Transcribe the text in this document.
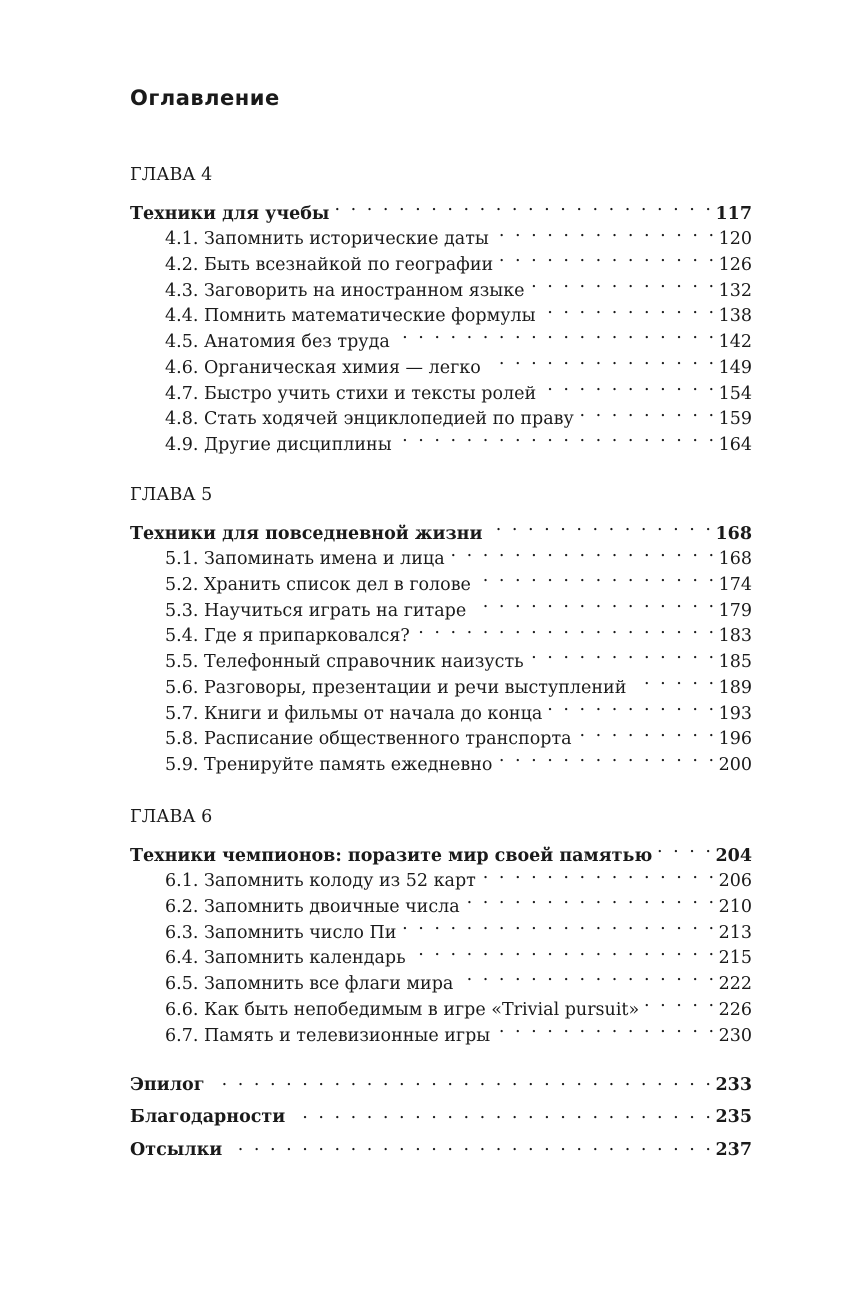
Оглавление
ГЛАВА 4
Техники для учебы . . .	117
4.1. Запомнить исторические даты . . .	120
4.2. Быть всезнайкой по географии . . .	126
4.3. Заговорить на иностранном языке . . .	132
4.4. Помнить математические формулы . . .	138
4.5. Анатомия без труда . . .	142
4.6. Органическая химия — легко . . .	149
4.7. Быстро учить стихи и тексты ролей . . .	154
4.8. Стать ходячей энциклопедией по праву . . .	159
4.9. Другие дисциплины . . .	164
ГЛАВА 5
Техники для повседневной жизни . . .	168
5.1. Запоминать имена и лица . . .	168
5.2. Хранить список дел в голове . . .	174
5.3. Научиться играть на гитаре . . .	179
5.4. Где я припарковался? . . .	183
5.5. Телефонный справочник наизусть . . .	185
5.6. Разговоры, презентации и речи выступлений . . .	189
5.7. Книги и фильмы от начала до конца . . .	193
5.8. Расписание общественного транспорта . . .	196
5.9. Тренируйте память ежедневно . . .	200
ГЛАВА 6
Техники чемпионов: поразите мир своей памятью . . .	204
6.1. Запомнить колоду из 52 карт . . .	206
6.2. Запомнить двоичные числа . . .	210
6.3. Запомнить число Пи . . .	213
6.4. Запомнить календарь . . .	215
6.5. Запомнить все флаги мира . . .	222
6.6. Как быть непобедимым в игре «Trivial pursuit» . . .	226
6.7. Память и телевизионные игры . . .	230
Эпилог . . .	233
Благодарности . . .	235
Отсылки . . .	237
